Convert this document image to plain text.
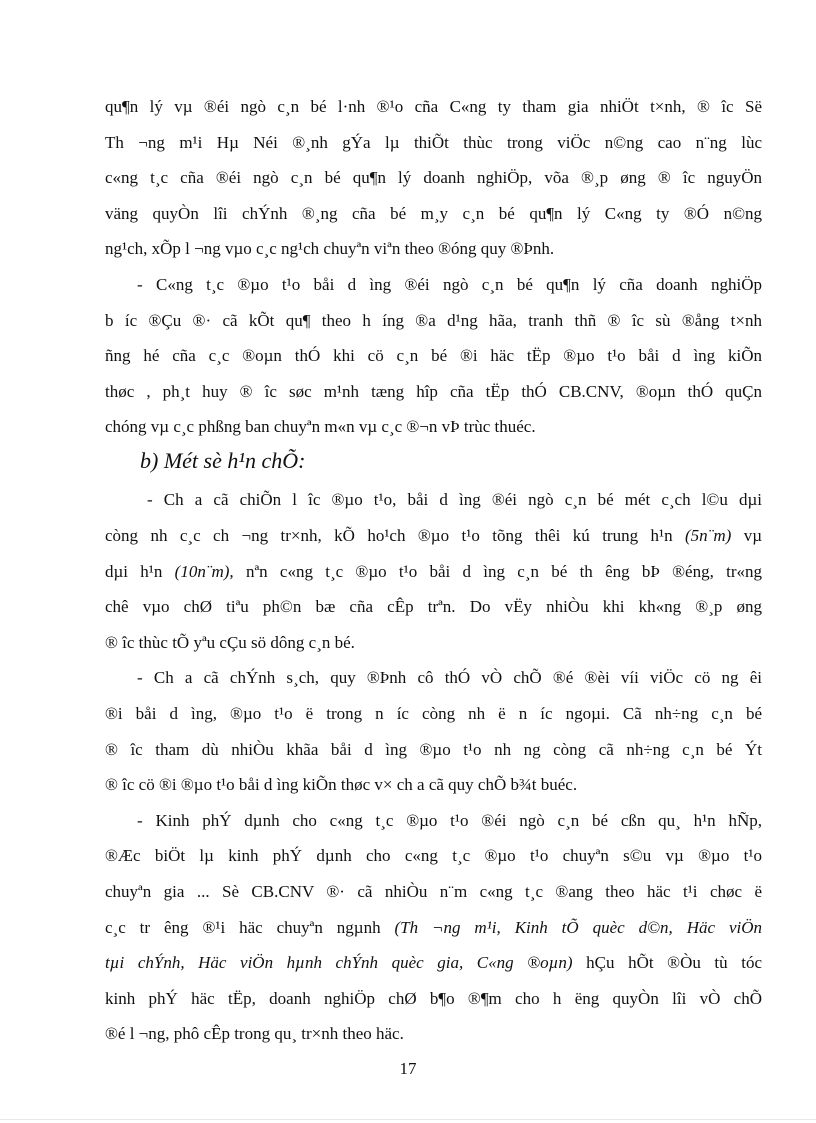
qu¶n lý vµ ®éi ngò c¸n bé l·nh ®¹o cña C«ng ty tham gia nhiÖt t×nh, ® îc Së
Th ¬ng m¹i Hµ Néi ®¸nh gÝa lµ thiÕt thùc trong viÖc n©ng cao n¨ng lùc
c«ng t¸c cña ®éi ngò c¸n bé qu¶n lý doanh nghiÖp, võa ®¸p øng ® îc nguyÖn
väng quyÒn lîi chÝnh ®¸ng cña bé m¸y c¸n bé qu¶n lý C«ng ty ®Ó n©ng
ng¹ch, xÕp l ¬ng vµo c¸c ng¹ch chuyªn viªn theo ®óng quy ®Þnh.
- C«ng t¸c ®µo t¹o båi d ìng ®éi ngò c¸n bé qu¶n lý cña doanh nghiÖp
b íc ®Çu ®· cã kÕt qu¶ theo h íng ®a d¹ng hãa, tranh thñ ® îc sù ®ång t×nh
ñng hé cña c¸c ®oµn thÓ khi cö c¸n bé ®i häc tËp ®µo t¹o båi d ìng kiÕn
thøc , ph¸t huy ® îc søc m¹nh tæng hîp cña tËp thÓ CB.CNV, ®oµn thÓ quÇn
chóng vµ c¸c phßng ban chuyªn m«n vµ c¸c ®¬n vÞ trùc thuéc.
b) Mét sè h¹n chÕ:
- Ch a cã chiÕn l îc ®µo t¹o, båi d ìng ®éi ngò c¸n bé mét c¸ch l©u dµi
còng nh c¸c ch ¬ng tr×nh, kÕ ho¹ch ®µo t¹o tõng thêi kú trung h¹n (5n¨m) vµ
dµi h¹n (10n¨m), nªn c«ng t¸c ®µo t¹o båi d ìng c¸n bé th êng bÞ ®éng, tr«ng
chê vµo chØ tiªu ph©n bæ cña cÊp trªn. Do vËy nhiÒu khi kh«ng ®¸p øng
® îc thùc tÕ yªu cÇu sö dông c¸n bé.
- Ch a cã chÝnh s¸ch, quy ®Þnh cô thÓ vÒ chÕ ®é ®èi víi viÖc cö ng êi
®i båi d ìng, ®µo t¹o ë trong n íc còng nh ë n íc ngoµi. Cã nh÷ng c¸n bé
® îc tham dù nhiÒu khãa båi d ìng ®µo t¹o nh ng còng cã nh÷ng c¸n bé Ýt
® îc cö ®i ®µo t¹o båi d ìng kiÕn thøc v× ch a cã quy chÕ b¾t buéc.
- Kinh phÝ dµnh cho c«ng t¸c ®µo t¹o ®éi ngò c¸n bé cßn qu¸ h¹n hÑp,
®Æc biÖt lµ kinh phÝ dµnh cho c«ng t¸c ®µo t¹o chuyªn s©u vµ ®µo t¹o
chuyªn gia ... Sè CB.CNV ®· cã nhiÒu n¨m c«ng t¸c ®ang theo häc t¹i chøc ë
c¸c tr êng ®¹i häc chuyªn ngµnh (Th ¬ng m¹i, Kinh tÕ quèc d©n, Häc viÖn
tµi chÝnh, Häc viÖn hµnh chÝnh quèc gia, C«ng ®oµn) hÇu hÕt ®Òu tù tóc
kinh phÝ häc tËp, doanh nghiÖp chØ b¶o ®¶m cho h ëng quyÒn lîi vÒ chÕ
®é l ¬ng, phô cÊp trong qu¸ tr×nh theo häc.
17
